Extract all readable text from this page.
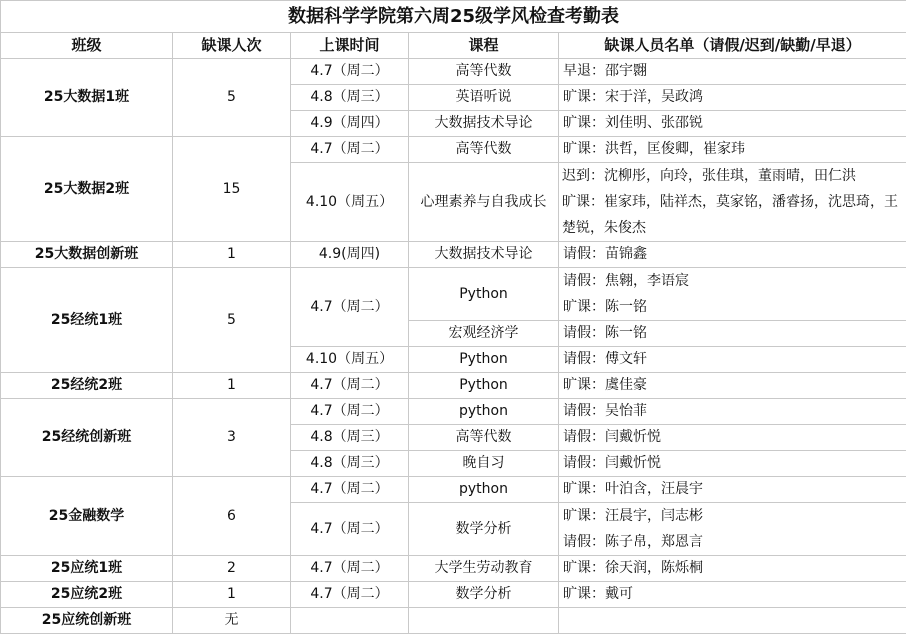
数据科学学院第六周25级学风检查考勤表				
班级	缺课人次	上课时间	课程	缺课人员名单（请假/迟到/缺勤/早退）
25大数据1班	5	4.7（周二）	高等代数	早退：邵宇翾
		4.8（周三）	英语听说	旷课：宋于洋，吴政鸿
		4.9（周四）	大数据技术导论	旷课：刘佳明、张邵锐
25大数据2班	15	4.7（周二）	高等代数	旷课：洪哲，匡俊卿，崔家玮
		4.10（周五）	心理素养与自我成长	迟到：沈柳彤，向玲，张佳琪，董雨晴，田仁洪
旷课：崔家玮，陆祥杰，莫家铭，潘睿扬，沈思琦，王楚锐，朱俊杰
25大数据创新班	1	4.9(周四)	大数据技术导论	请假：苗锦鑫
25经统1班	5	4.7（周二）	Python	请假：焦翱，李语宸
旷课：陈一铭

			宏观经济学	请假：陈一铭
		4.10（周五）	Python	请假：傅文轩
25经统2班	1	4.7（周二）	Python	旷课：虞佳豪
25经统创新班	3	4.7（周二）	python	请假：吴怡菲
		4.8（周三）	高等代数	请假：闫戴忻悦
		4.8（周三）	晚自习	请假：闫戴忻悦
25金融数学	6	4.7（周二）	python	旷课：叶泊含，汪晨宇
		4.7（周二）	数学分析	旷课：汪晨宇，闫志彬
请假：陈子帛，郑恩言

25应统1班	2	4.7（周二）	大学生劳动教育	旷课：徐天润，陈烁桐
25应统2班	1	4.7（周二）	数学分析	旷课：戴可
25应统创新班	无			
